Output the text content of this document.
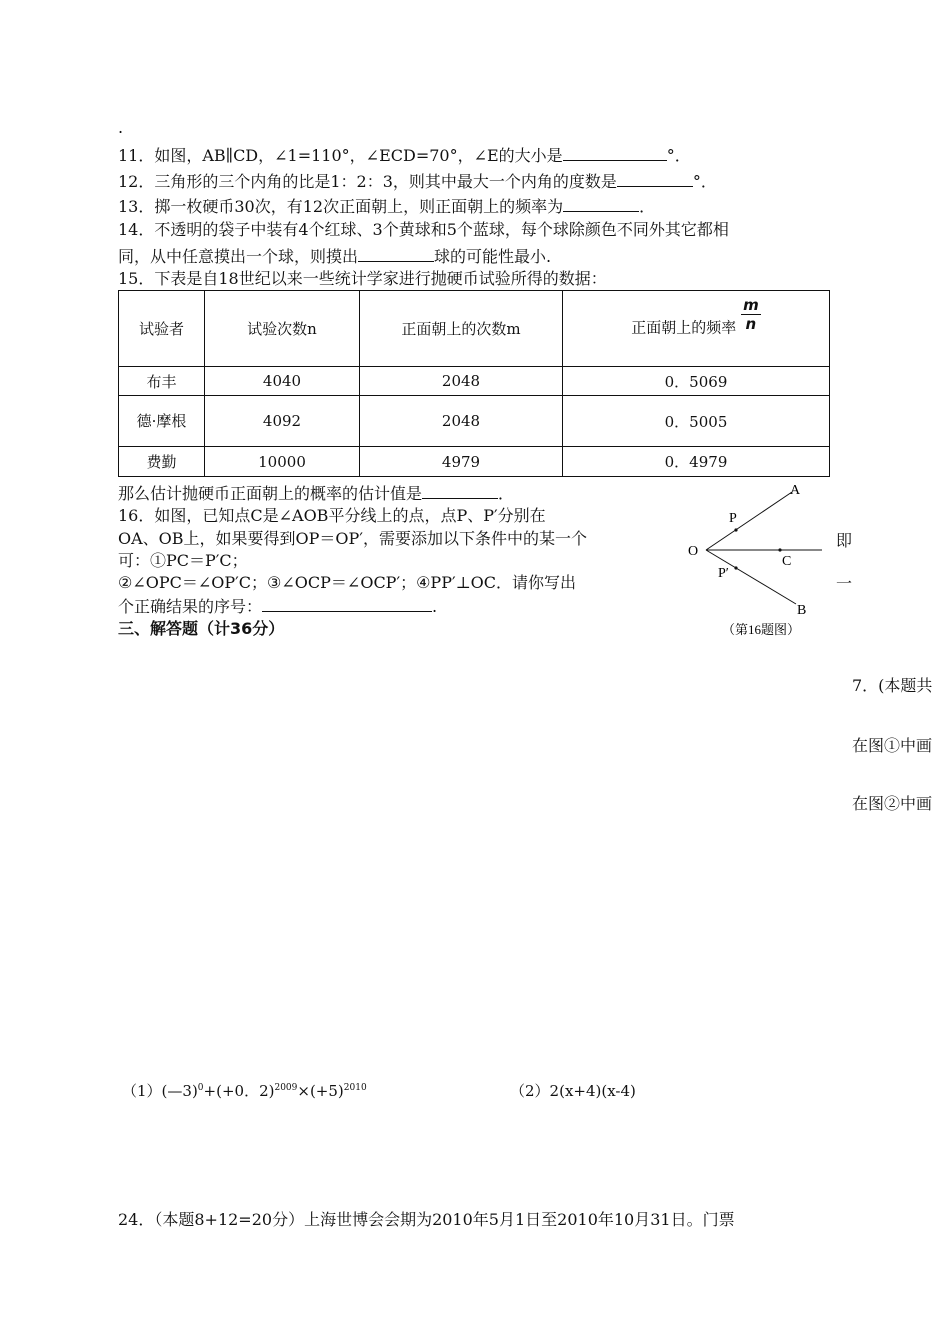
.
11．如图，AB∥CD，∠1=110°，∠ECD=70°，∠E的大小是	°．
12．三角形的三个内角的比是1：2：3，则其中最大一个内角的度数是	°．
13．掷一枚硬币30次，有12次正面朝上，则正面朝上的频率为	．
14．不透明的袋子中装有4个红球、3个黄球和5个蓝球，每个球除颜色不同外其它都相
同，从中任意摸出一个球，则摸出	球的可能性最小.
15．下表是自18世纪以来一些统计学家进行抛硬币试验所得的数据：
试验者	试验次数n	正面朝上的次数m	正面朝上的频率 $\frac{m}{n}$

布丰	4040	2048	0．5069
德·摩根	4092	2048	0．5005
费勤	10000	4979	0．4979
那么估计抛硬币正面朝上的概率的估计值是	．
16．如图，已知点C是∠AOB平分线上的点，点P、P′分别在
OA、OB上，如果要得到OP＝OP′，需要添加以下条件中的某一个
可：①PC＝P′C；
②∠OPC＝∠OP′C；③∠OCP＝∠OCP′；④PP′⊥OC．请你写出
个正确结果的序号：	.
即
一
A
B
O
C
P
P′
（第16题图）
三、解答题（计36分）
7．(本题共
在图①中画
在图②中画
（1）(—3)$^0$+(+0．$2)^{2009}\times(+5)^{2010}$	（2）2(x+4)(x-4)
24．（本题8+12=20分）上海世博会会期为2010年5月1日至2010年10月31日。门票
